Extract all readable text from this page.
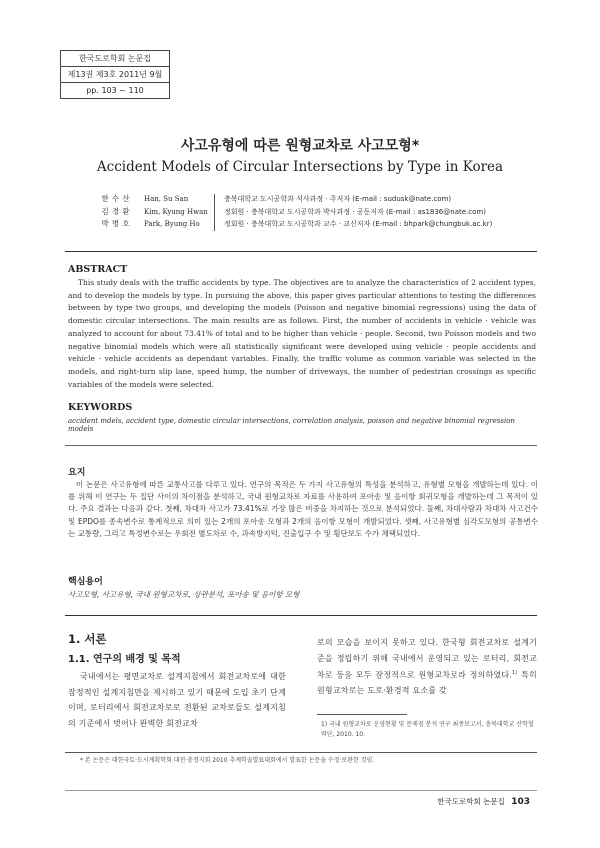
한국도로학회 논문집
제13권 제3호 2011년 9월
pp. 103 ~ 110
사고유형에 따른 원형교차로 사고모형*
Accident Models of Circular Intersections by Type in Korea
한 수 산 Han, Su San	충북대학교 도시공학과 석사과정 · 주저자 (E-mail : sudusk@nate.com)
김 경 환 Kim, Kyung Hwan 정회원 · 충북대학교 도시공학과 박사과정 · 공동저자 (E-mail : as1836@nate.com)
박 병 호 Park, Byung Ho	정회원 · 충북대학교 도시공학과 교수 · 교신저자 (E-mail : bhpark@chungbuk.ac.kr)
ABSTRACT
This study deals with the traffic accidents by type. The objectives are to analyze the characteristics of 2 accident types, and to develop the models by type. In pursuing the above, this paper gives particular attentions to testing the differences between by type two groups, and developing the models (Poisson and negative binomial regressions) using the data of domestic circular intersections. The main results are as follows. First, the number of accidents in vehicle · vehicle was analyzed to account for about 73.41% of total and to be higher than vehicle · people. Second, two Poisson models and two negative binomial models which were all statistically significant were developed using vehicle · people accidents and vehicle · vehicle accidents as dependant variables. Finally, the traffic volume as common variable was selected in the models, and right-turn slip lane, speed hump, the number of driveways, the number of pedestrian crossings as specific variables of the models were selected.
KEYWORDS
accident mdels, accident type, domestic circular intersections, correlation analysis, poisson and negative binomial regression models
요지
이 논문은 사고유형에 따른 교통사고를 다루고 있다. 연구의 목적은 두 가지 사고유형의 특성을 분석하고, 유형별 모형을 개발하는데 있다. 이를 위해 이 연구는 두 집단 사이의 차이점을 분석하고, 국내 원형교차로 자료를 사용하여 포아송 및 음이항 회귀모형을 개발하는데 그 목적이 있다. 주요 결과는 다음과 같다. 첫째, 차대차 사고가 73.41%로 가장 많은 비중을 차지하는 것으로 분석되었다. 둘째, 차대사람과 차대차 사고건수 및 EPDO를 종속변수로 통계적으로 의미 있는 2개의 포아송 모형과 2개의 음이항 모형이 개발되었다. 셋째, 사고유형별 심각도모형의 공통변수는 교통량, 그리고 특정변수로는 우회전 별도차로 수, 과속방지턱, 진출입구 수 및 횡단보도 수가 채택되었다.
핵심용어
사고모형, 사고유형, 국내 원형교차로, 상관분석, 포아송 및 음이항 모형
1. 서론
1.1. 연구의 배경 및 목적
국내에서는 평면교차로 설계지침에서 회전교차로에 대한 잠정적인 설계지침만을 제시하고 있기 때문에 도입 초기 단계이며, 로터리에서 회전교차로로 전환된 교차로들도 설계지침의 기준에서 벗어나 완벽한 회전교차
로의 모습을 보이지 못하고 있다. 한국형 회전교차로 설계기준을 정립하기 위해 국내에서 운영되고 있는 로터리, 회전교차로 등을 모두 잠정적으로 원형교차로라 정의하였다.$^{1)}$ 특히 원형교차로는 도로·환경적 요소를 갖
1) 국내 원형교차로 운영현황 및 문제점 분석 연구 최종보고서, 충북대학교 산학협력단, 2010. 10.
* 본 논문은 대한국토·도시계획학회 대전·충청지회 2010 추계학술발표대회에서 발표한 논문을 수정·보완한 것임.
한국도로학회 논문집 103
